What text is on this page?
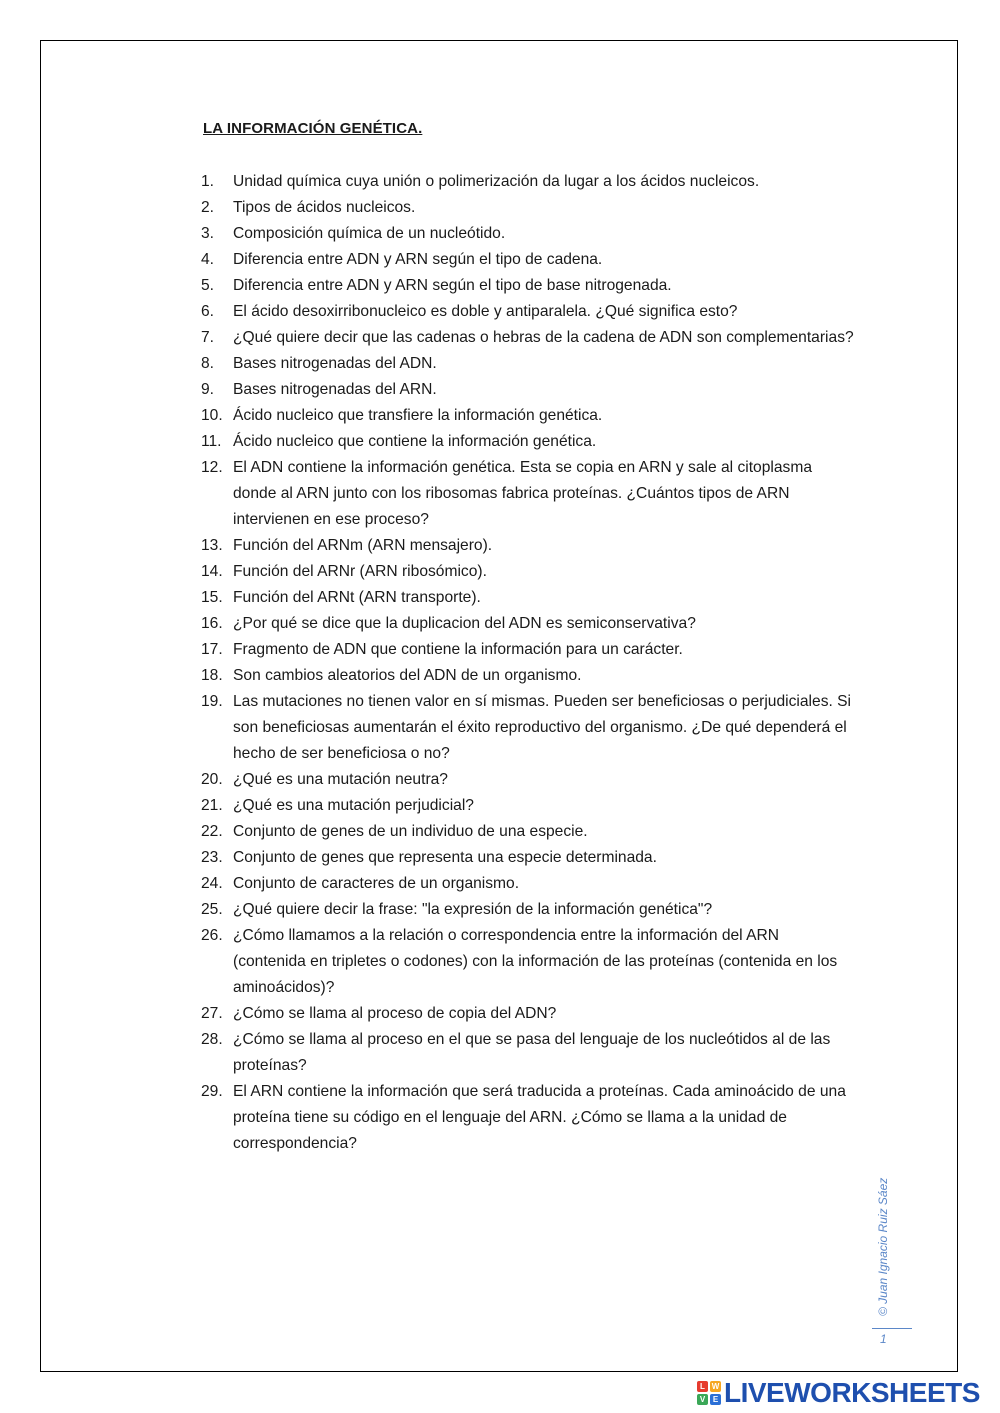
LA INFORMACIÓN GENÉTICA.
1.	Unidad química cuya unión o polimerización da lugar a los ácidos nucleicos.
2.	Tipos de ácidos nucleicos.
3.	Composición química de un nucleótido.
4.	Diferencia entre ADN y ARN según el tipo de cadena.
5.	Diferencia entre ADN y ARN según el tipo de base nitrogenada.
6.	El ácido desoxirribonucleico es doble y antiparalela. ¿Qué significa esto?
7.	¿Qué quiere decir que las cadenas o hebras de la cadena de ADN son complementarias?
8.	Bases nitrogenadas del ADN.
9.	Bases nitrogenadas del ARN.
10. Ácido nucleico que transfiere la información genética.
11. Ácido nucleico que contiene la información genética.
12. El ADN contiene la información genética. Esta se copia en ARN y sale al citoplasma donde al ARN junto con los ribosomas fabrica proteínas. ¿Cuántos tipos de ARN intervienen en ese proceso?
13. Función del ARNm (ARN mensajero).
14. Función del ARNr (ARN ribosómico).
15. Función del ARNt (ARN transporte).
16. ¿Por qué se dice que la duplicacion del ADN es semiconservativa?
17. Fragmento de ADN que contiene la información para un carácter.
18. Son cambios aleatorios del ADN de un organismo.
19. Las mutaciones no tienen valor en sí mismas. Pueden ser beneficiosas o perjudiciales. Si son beneficiosas aumentarán el éxito reproductivo del organismo. ¿De qué dependerá el hecho de ser beneficiosa o no?
20. ¿Qué es una mutación neutra?
21. ¿Qué es una mutación perjudicial?
22. Conjunto de genes de un individuo de una especie.
23. Conjunto de genes que representa una especie determinada.
24. Conjunto de caracteres de un organismo.
25. ¿Qué quiere decir la frase: "la expresión de la información genética"?
26. ¿Cómo llamamos a la relación o correspondencia entre la información del ARN (contenida en tripletes o codones) con la información de las proteínas (contenida en los aminoácidos)?
27. ¿Cómo se llama al proceso de copia del ADN?
28. ¿Cómo se llama al proceso en el que se pasa del lenguaje de los nucleótidos al de las proteínas?
29. El ARN contiene la información que será traducida a proteínas. Cada aminoácido de una proteína tiene su código en el lenguaje del ARN. ¿Cómo se llama a la unidad de correspondencia?
© Juan Ignacio Ruiz Sáez
1
L W
V E LIVEWORKSHEETS
